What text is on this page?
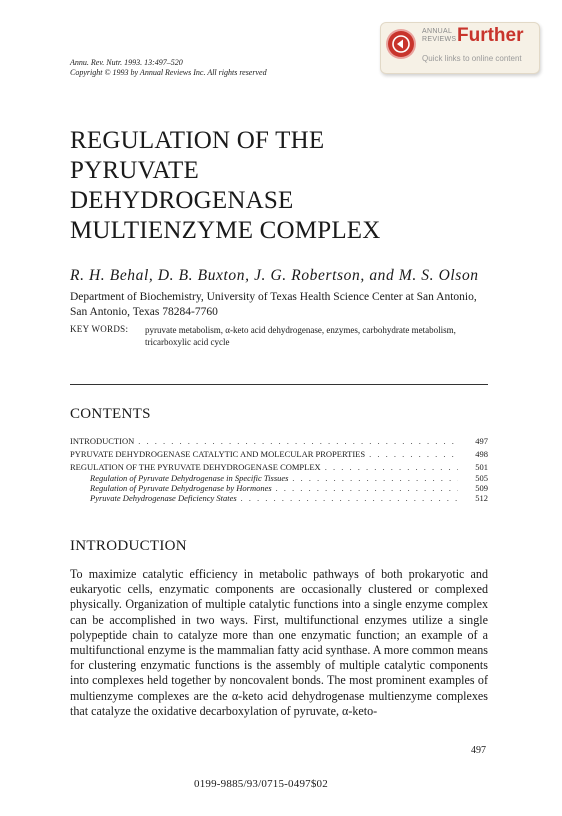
ANNUAL
REVIEWS Further
Quick links to online content
Annu. Rev. Nutr. 1993. 13:497–520
Copyright © 1993 by Annual Reviews Inc. All rights reserved
REGULATION OF THE
PYRUVATE
DEHYDROGENASE
MULTIENZYME COMPLEX
R. H. Behal, D. B. Buxton, J. G. Robertson, and M. S. Olson
Department of Biochemistry, University of Texas Health Science Center at San Antonio, San Antonio, Texas 78284-7760
KEY WORDS: pyruvate metabolism, α-keto acid dehydrogenase, enzymes, carbohydrate metabolism, tricarboxylic acid cycle
CONTENTS
INTRODUCTION . . .	497
PYRUVATE DEHYDROGENASE CATALYTIC AND MOLECULAR PROPERTIES . . .	498
REGULATION OF THE PYRUVATE DEHYDROGENASE COMPLEX . . .	501
Regulation of Pyruvate Dehydrogenase in Specific Tissues . . .	505
Regulation of Pyruvate Dehydrogenase by Hormones . . .	509
Pyruvate Dehydrogenase Deficiency States . . .	512
INTRODUCTION

To maximize catalytic efficiency in metabolic pathways of both prokaryotic and eukaryotic cells, enzymatic components are occasionally clustered or complexed physically. Organization of multiple catalytic functions into a single enzyme complex can be accomplished in two ways. First, multifunctional enzymes utilize a single polypeptide chain to catalyze more than one enzymatic function; an example of a multifunctional enzyme is the mammalian fatty acid synthase. A more common means for clustering enzymatic functions is the assembly of multiple catalytic components into complexes held together by noncovalent bonds. The most prominent examples of multienzyme complexes are the α-keto acid dehydrogenase multienzyme complexes that catalyze the oxidative decarboxylation of pyruvate, α-keto-

497
0199-9885/93/0715-0497$02
